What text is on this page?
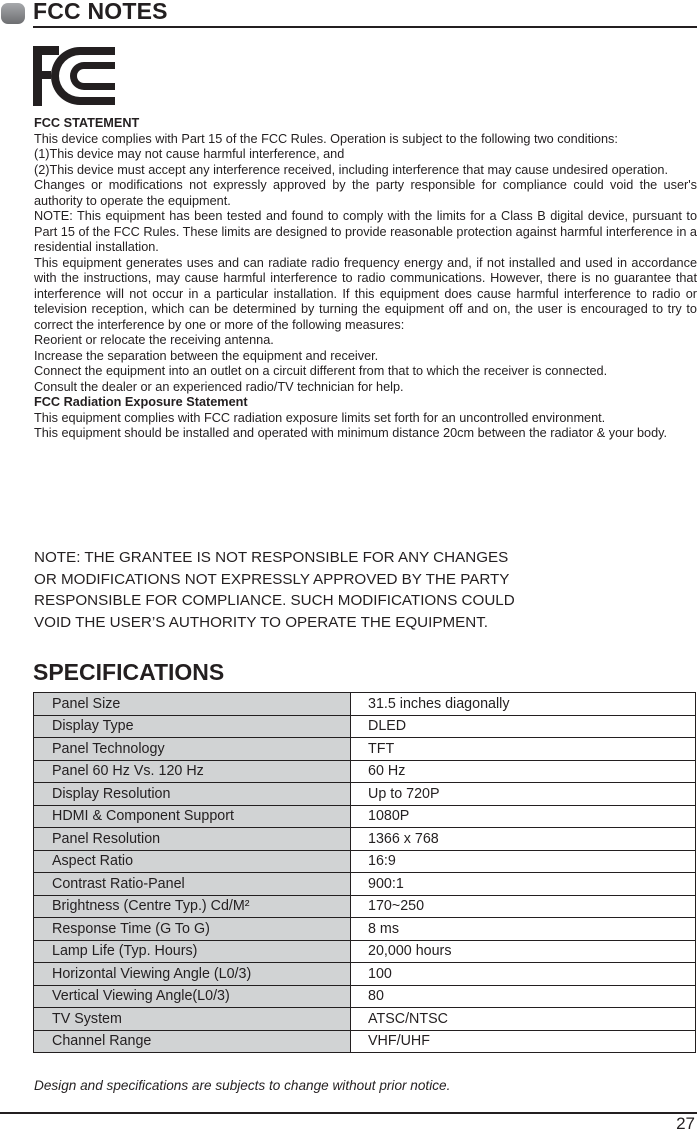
FCC NOTES

FCC STATEMENT

This device complies with Part 15 of the FCC Rules. Operation is subject to the following two conditions:

(1)This device may not cause harmful interference, and

(2)This device must accept any interference received, including interference that may cause undesired operation.

Changes or modifications not expressly approved by the party responsible for compliance could void the user's authority to operate the equipment.

NOTE: This equipment has been tested and found to comply with the limits for a Class B digital device, pursuant to Part 15 of the FCC Rules. These limits are designed to provide reasonable protection against harmful interference in a residential installation.

This equipment generates uses and can radiate radio frequency energy and, if not installed and used in accordance with the instructions, may cause harmful interference to radio communications. However, there is no guarantee that interference will not occur in a particular installation. If this equipment does cause harmful interference to radio or television reception, which can be determined by turning the equipment off and on, the user is encouraged to try to correct the interference by one or more of the following measures:

Reorient or relocate the receiving antenna.

Increase the separation between the equipment and receiver.

Connect the equipment into an outlet on a circuit different from that to which the receiver is connected.

Consult the dealer or an experienced radio/TV technician for help.

FCC Radiation Exposure Statement

This equipment complies with FCC radiation exposure limits set forth for an uncontrolled environment.

This equipment should be installed and operated with minimum distance 20cm between the radiator & your body.

NOTE: THE GRANTEE IS NOT RESPONSIBLE FOR ANY CHANGES

OR MODIFICATIONS NOT EXPRESSLY APPROVED BY THE PARTY

RESPONSIBLE FOR COMPLIANCE. SUCH MODIFICATIONS COULD

VOID THE USER’S AUTHORITY TO OPERATE THE EQUIPMENT.

SPECIFICATIONS
Panel Size	31.5 inches diagonally
Display Type	DLED
Panel Technology	TFT
Panel 60 Hz Vs. 120 Hz	60 Hz
Display Resolution	Up to 720P
HDMI & Component Support	1080P
Panel Resolution	1366 x 768
Aspect Ratio	16:9
Contrast Ratio-Panel	900:1
Brightness (Centre Typ.) Cd/M²	170~250
Response Time (G To G)	8 ms
Lamp Life (Typ. Hours)	20,000 hours
Horizontal Viewing Angle (L0/3)	100
Vertical Viewing Angle(L0/3)	80
TV System	ATSC/NTSC
Channel Range	VHF/UHF
Design and specifications are subjects to change without prior notice.
27
